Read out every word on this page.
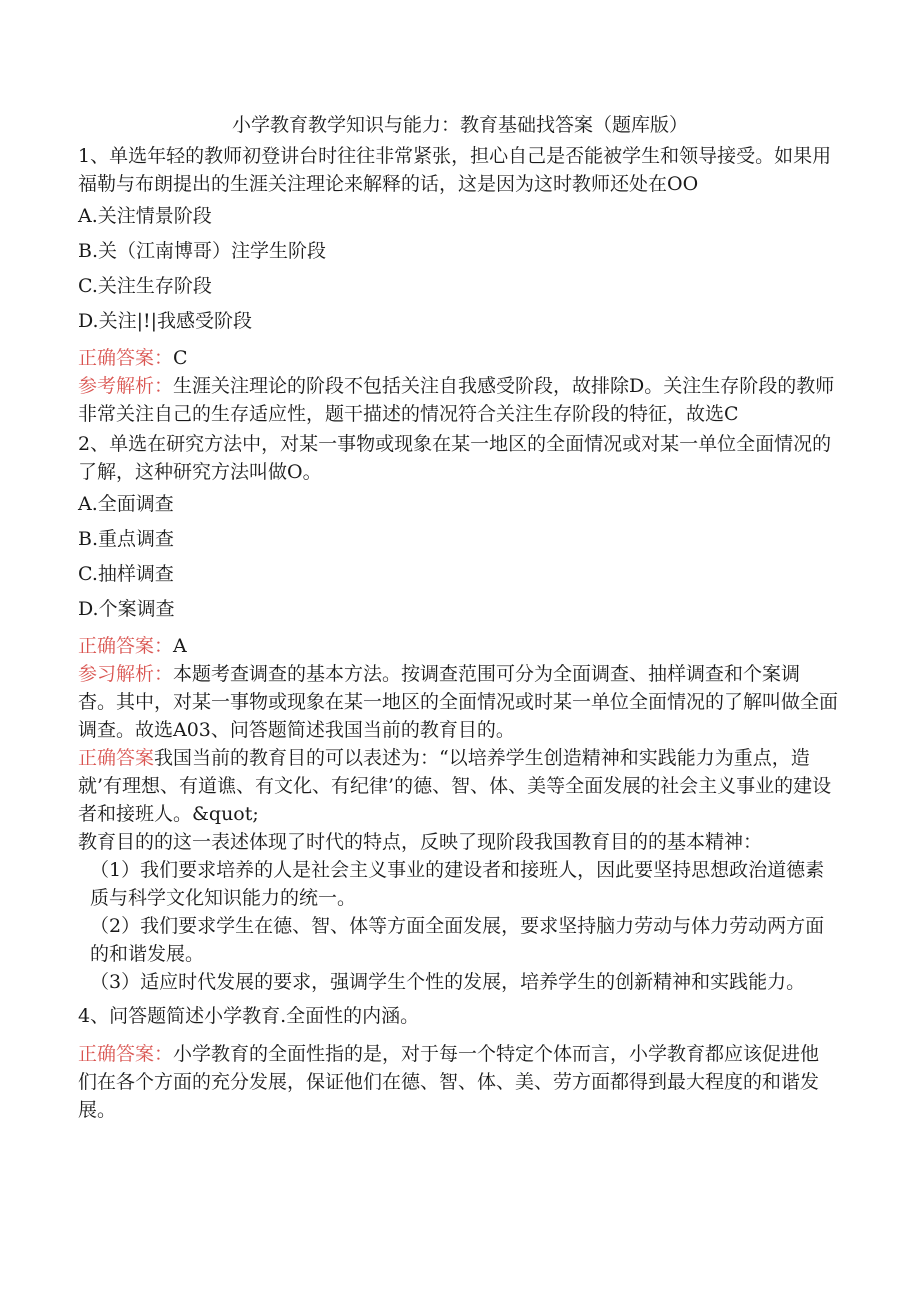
小学教育教学知识与能力：教育基础找答案（题库版）

1、单选年轻的教师初登讲台时往往非常紧张，担心自己是否能被学生和领导接受。如果用福勒与布朗提出的生涯关注理论来解释的话，这是因为这时教师还处在OO

A.关注情景阶段

B.关（江南博哥）注学生阶段

C.关注生存阶段

D.关注|!|我感受阶段

正确答案：C

参考解析：生涯关注理论的阶段不包括关注自我感受阶段，故排除D。关注生存阶段的教师非常关注自己的生存适应性，题干描述的情况符合关注生存阶段的特征，故选C

2、单选在研究方法中，对某一事物或现象在某一地区的全面情况或对某一单位全面情况的了解，这种研究方法叫做O。

A.全面调查

B.重点调查

C.抽样调查

D.个案调查

正确答案：A

参习解析：本题考查调查的基本方法。按调查范围可分为全面调查、抽样调查和个案调杳。其中，对某一事物或现象在某一地区的全面情况或时某一单位全面情况的了解叫做全面调查。故选A03、问答题简述我国当前的教育目的。

正确答案我国当前的教育目的可以表述为：“以培养学生创造精神和实践能力为重点，造就’有理想、有道谯、有文化、有纪律’的德、智、体、美等全面发展的社会主义事业的建设者和接班人。&quot;

教育目的的这一表述体现了时代的特点，反映了现阶段我国教育目的的基本精神：

（1）我们要求培养的人是社会主义事业的建设者和接班人，因此要坚持思想政治道德素质与科学文化知识能力的统一。

（2）我们要求学生在德、智、体等方面全面发展，要求坚持脑力劳动与体力劳动两方面的和谐发展。

（3）适应时代发展的要求，强调学生个性的发展，培养学生的创新精神和实践能力。

4、问答题简述小学教育.全面性的内涵。

正确答案：小学教育的全面性指的是，对于每一个特定个体而言，小学教育都应该促进他们在各个方面的充分发展，保证他们在德、智、体、美、劳方面都得到最大程度的和谐发展。
